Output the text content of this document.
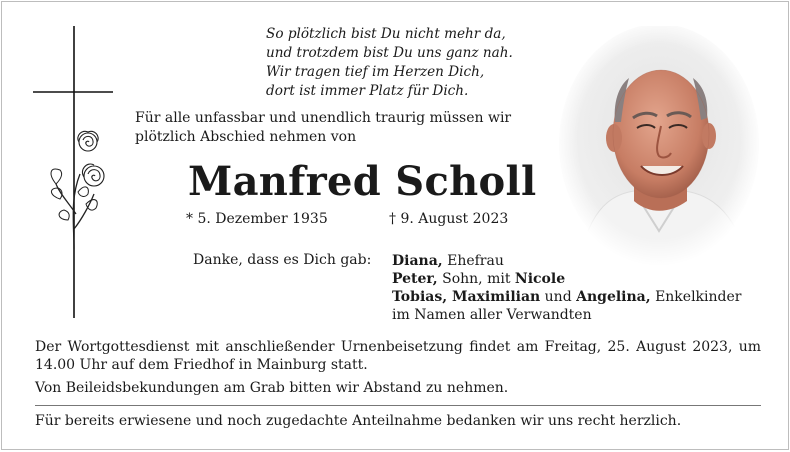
So plötzlich bist Du nicht mehr da,
und trotzdem bist Du uns ganz nah.
Wir tragen tief im Herzen Dich,
dort ist immer Platz für Dich.
Für alle unfassbar und unendlich traurig müssen wir
plötzlich Abschied nehmen von
Manfred Scholl
* 5. Dezember 1935	† 9. August 2023
Danke, dass es Dich gab: Diana, Ehefrau
Peter, Sohn, mit Nicole
Tobias, Maximilian und Angelina, Enkelkinder
im Namen aller Verwandten
Der Wortgottesdienst mit anschließender Urnenbeisetzung findet am Freitag, 25. August 2023, um 14.00 Uhr auf dem Friedhof in Mainburg statt.
Von Beileidsbekundungen am Grab bitten wir Abstand zu nehmen.
Für bereits erwiesene und noch zugedachte Anteilnahme bedanken wir uns recht herzlich.
